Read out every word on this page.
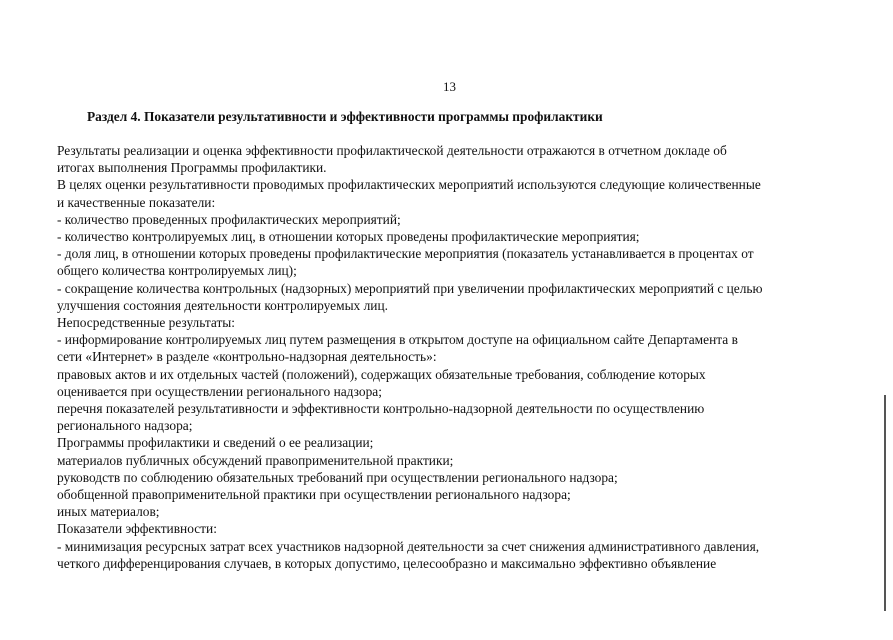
13
Раздел 4. Показатели результативности и эффективности программы профилактики
Результаты реализации и оценка эффективности профилактической деятельности отражаются в отчетном докладе об
итогах выполнения Программы профилактики.
В целях оценки результативности проводимых профилактических мероприятий используются следующие количественные
и качественные показатели:
- количество проведенных профилактических мероприятий;
- количество контролируемых лиц, в отношении которых проведены профилактические мероприятия;
- доля лиц, в отношении которых проведены профилактические мероприятия (показатель устанавливается в процентах от
общего количества контролируемых лиц);
- сокращение количества контрольных (надзорных) мероприятий при увеличении профилактических мероприятий с целью
улучшения состояния деятельности контролируемых лиц.
Непосредственные результаты:
- информирование контролируемых лиц путем размещения в открытом доступе на официальном сайте Департамента в
сети «Интернет» в разделе «контрольно-надзорная деятельность»:
правовых актов и их отдельных частей (положений), содержащих обязательные требования, соблюдение которых
оценивается при осуществлении регионального надзора;
перечня показателей результативности и эффективности контрольно-надзорной деятельности по осуществлению
регионального надзора;
Программы профилактики и сведений о ее реализации;
материалов публичных обсуждений правоприменительной практики;
руководств по соблюдению обязательных требований при осуществлении регионального надзора;
обобщенной правоприменительной практики при осуществлении регионального надзора;
иных материалов;
Показатели эффективности:
- минимизация ресурсных затрат всех участников надзорной деятельности за счет снижения административного давления,
четкого дифференцирования случаев, в которых допустимо, целесообразно и максимально эффективно объявление
